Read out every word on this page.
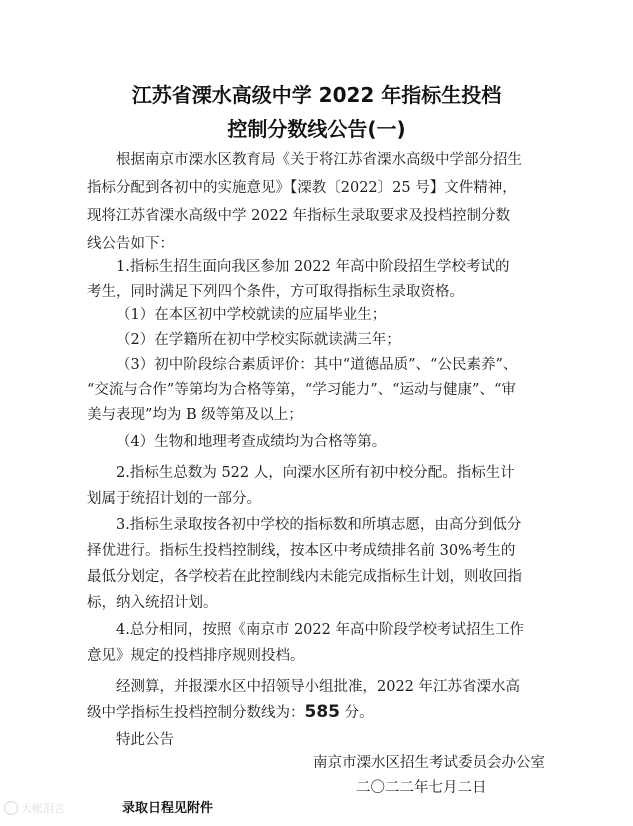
江苏省溧水高级中学 2022 年指标生投档
控制分数线公告(一)
根据南京市溧水区教育局《关于将江苏省溧水高级中学部分招生
指标分配到各初中的实施意见》【溧教〔2022〕25 号】文件精神，
现将江苏省溧水高级中学 2022 年指标生录取要求及投档控制分数
线公告如下：
1.指标生招生面向我区参加 2022 年高中阶段招生学校考试的
考生，同时满足下列四个条件，方可取得指标生录取资格。
（1）在本区初中学校就读的应届毕业生；
（2）在学籍所在初中学校实际就读满三年；
（3）初中阶段综合素质评价：其中“道德品质”、“公民素养”、
“交流与合作”等第均为合格等第，“学习能力”、“运动与健康”、“审
美与表现”均为 B 级等第及以上；
（4）生物和地理考查成绩均为合格等第。
2.指标生总数为 522 人，向溧水区所有初中校分配。指标生计
划属于统招计划的一部分。
3.指标生录取按各初中学校的指标数和所填志愿，由高分到低分
择优进行。指标生投档控制线，按本区中考成绩排名前 30%考生的
最低分划定，各学校若在此控制线内未能完成指标生计划，则收回指
标，纳入统招计划。
4.总分相同，按照《南京市 2022 年高中阶段学校考试招生工作
意见》规定的投档排序规则投档。
经测算，并报溧水区中招领导小组批准，2022 年江苏省溧水高
级中学指标生投档控制分数线为：585 分。
特此公告
南京市溧水区招生考试委员会办公室
二〇二二年七月二日
大帐泪言	录取日程见附件
